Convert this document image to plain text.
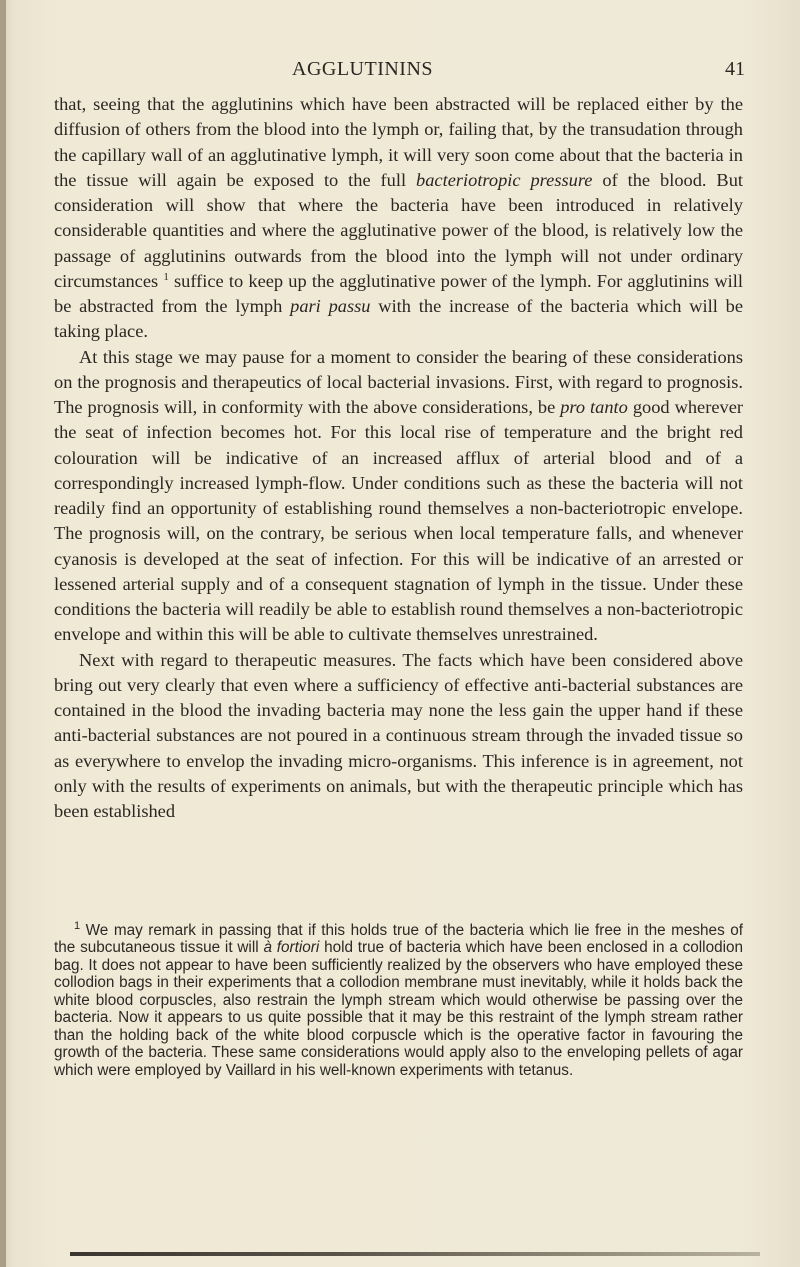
AGGLUTININS	41

that, seeing that the agglutinins which have been abstracted will be replaced either by the diffusion of others from the blood into the lymph or, failing that, by the transudation through the capillary wall of an agglutinative lymph, it will very soon come about that the bacteria in the tissue will again be exposed to the full bacteriotropic pressure of the blood. But consideration will show that where the bacteria have been introduced in relatively considerable quantities and where the agglutinative power of the blood, is relatively low the passage of agglutinins outwards from the blood into the lymph will not under ordinary circumstances $^1$ suffice to keep up the agglutinative power of the lymph. For agglutinins will be abstracted from the lymph pari passu with the increase of the bacteria which will be taking place.

At this stage we may pause for a moment to consider the bearing of these considerations on the prognosis and therapeutics of local bacterial invasions. First, with regard to prognosis. The prognosis will, in conformity with the above considerations, be pro tanto good wherever the seat of infection becomes hot. For this local rise of temperature and the bright red colouration will be indicative of an increased afflux of arterial blood and of a correspondingly increased lymph-flow. Under conditions such as these the bacteria will not readily find an opportunity of establishing round themselves a non-bacteriotropic envelope. The prognosis will, on the contrary, be serious when local temperature falls, and whenever cyanosis is developed at the seat of infection. For this will be indicative of an arrested or lessened arterial supply and of a consequent stagnation of lymph in the tissue. Under these conditions the bacteria will readily be able to establish round themselves a non-bacteriotropic envelope and within this will be able to cultivate themselves unrestrained.

Next with regard to therapeutic measures. The facts which have been considered above bring out very clearly that even where a sufficiency of effective anti-bacterial substances are contained in the blood the invading bacteria may none the less gain the upper hand if these anti-bacterial substances are not poured in a continuous stream through the invaded tissue so as everywhere to envelop the invading micro-organisms. This inference is in agreement, not only with the results of experiments on animals, but with the therapeutic principle which has been established

$^1$ We may remark in passing that if this holds true of the bacteria which lie free in the meshes of the subcutaneous tissue it will à fortiori hold true of bacteria which have been enclosed in a collodion bag. It does not appear to have been sufficiently realized by the observers who have employed these collodion bags in their experiments that a collodion membrane must inevitably, while it holds back the white blood corpuscles, also restrain the lymph stream which would otherwise be passing over the bacteria. Now it appears to us quite possible that it may be this restraint of the lymph stream rather than the holding back of the white blood corpuscle which is the operative factor in favouring the growth of the bacteria. These same considerations would apply also to the enveloping pellets of agar which were employed by Vaillard in his well-known experiments with tetanus.
